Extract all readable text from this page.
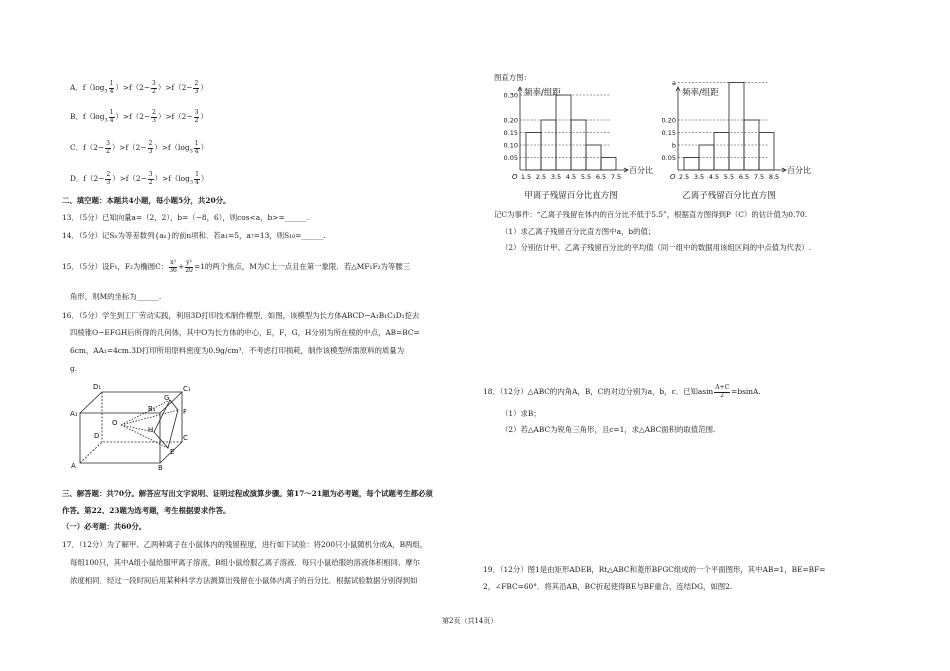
A．$f(\log_3 \frac{1}{4} )>f(2- \frac{3}{2} )>f(2- \frac{2}{3}$ ）
B．$f(\log_3 \frac{1}{4} )>f(2- \frac{2}{3} )>f(2- \frac{3}{2}$ ）
C．$f(2- \frac{3}{2} )>f(2- \frac{2}{3} )>f(\log_3 \frac{1}{4}$ ）
D．$f(2- \frac{2}{3} )>f(2- \frac{3}{2} )>f(\log_3 \frac{1}{4}$ ）
二、填空题：本题共4小题，每小题5分，共20分。
13．（5分）已知向量a=（2，2），b=（−8，6），则cos<a，b>=______.
14．（5分）记Sₙ为等差数列{aₙ}的前n项和．若a₁=5，a₇=13，则S₁₀=______.
15．（5分）设F₁，F₂为椭圆C： $\frac{\text{x²}}{36} + \frac{\text{y²}}{20} =1$的两个焦点，M为C上一点且在第一象限．若△MF₁F₂为等腰三
角形，则M的坐标为______.
16．（5分）学生到工厂劳动实践，利用3D打印技术制作模型．如图，该模型为长方体ABCD−A₁B₁C₁D₁挖去
四棱锥O−EFGH后所得的几何体，其中O为长方体的中心，E，F，G，H分别为所在棱的中点，AB=BC=
6cm，AA₁=4cm.3D打印所用原料密度为0.9g/cm³．不考虑打印损耗，制作该模型所需原料的质量为
g.
D₁	C₁
A₁
B₁
G
F
O
H
D	C
A	B
E
三、解答题：共70分。解答应写出文字说明、证明过程或演算步骤。第17～21题为必考题，每个试题考生都必须
作答。第22、23题为选考题，考生根据要求作答。
（一）必考题：共60分。
17．（12分）为了解甲、乙两种离子在小鼠体内的残留程度，进行如下试验：将200只小鼠随机分成A，B两组，
每组100只，其中A组小鼠给服甲离子溶液，B组小鼠给服乙离子溶液．每只小鼠给服的溶液体积相同、摩尔
浓度相同．经过一段时间后用某种科学方法测算出残留在小鼠体内离子的百分比．根据试验数据分别得到如
图直方图：
频率/组距
百分比
O
0.30
0.20
0.15
0.10
0.05
1.5 2.5 3.5 4.5 5.5 6.5 7.5
甲离子残留百分比直方图
频率/组距
百分比
O
a
0.20
0.15
b
0.05
2.5 3.5 4.5 5.5 6.5 7.5 8.5
乙离子残留百分比直方图
记C为事件：“乙离子残留在体内的百分比不低于5.5”，根据直方图得到P（C）的估计值为0.70.
（1）求乙离子残留百分比直方图中a，b的值；
（2）分别估计甲、乙离子残留百分比的平均值（同一组中的数据用该组区间的中点值为代表）.
18．（12分）△ABC的内角A，B，C的对边分别为a，b，c．已知asin $\frac{A+C}{2} =bsinA$.
（1）求B；
（2）若△ABC为锐角三角形，且c=1，求△ABC面积的取值范围.
19．（12分）图1是由矩形ADEB，Rt△ABC和菱形BFGC组成的一个平面图形，其中AB=1，BE=BF=
2，∠FBC=60°．将其沿AB，BC折起使得BE与BF重合，连结DG，如图2.
第2页（共14页）
